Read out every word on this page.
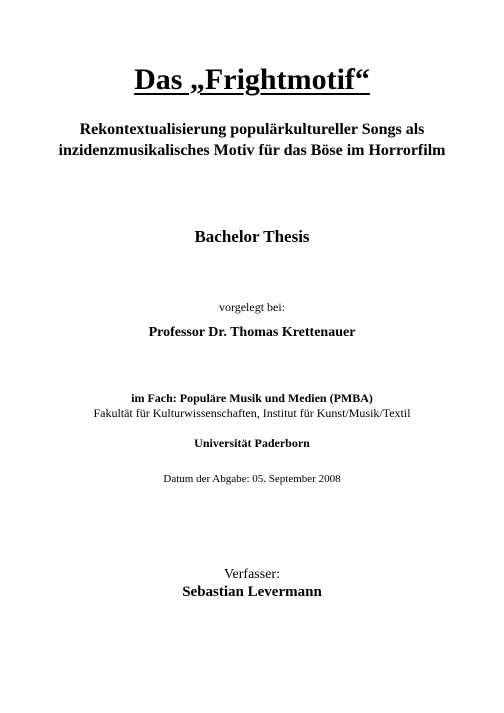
Das „Frightmotif“
Rekontextualisierung populärkultureller Songs als
inzidenzmusikalisches Motiv für das Böse im Horrorfilm
Bachelor Thesis
vorgelegt bei:
Professor Dr. Thomas Krettenauer
im Fach: Populäre Musik und Medien (PMBA)
Fakultät für Kulturwissenschaften, Institut für Kunst/Musik/Textil
Universität Paderborn
Datum der Abgabe: 05. September 2008
Verfasser:
Sebastian Levermann
